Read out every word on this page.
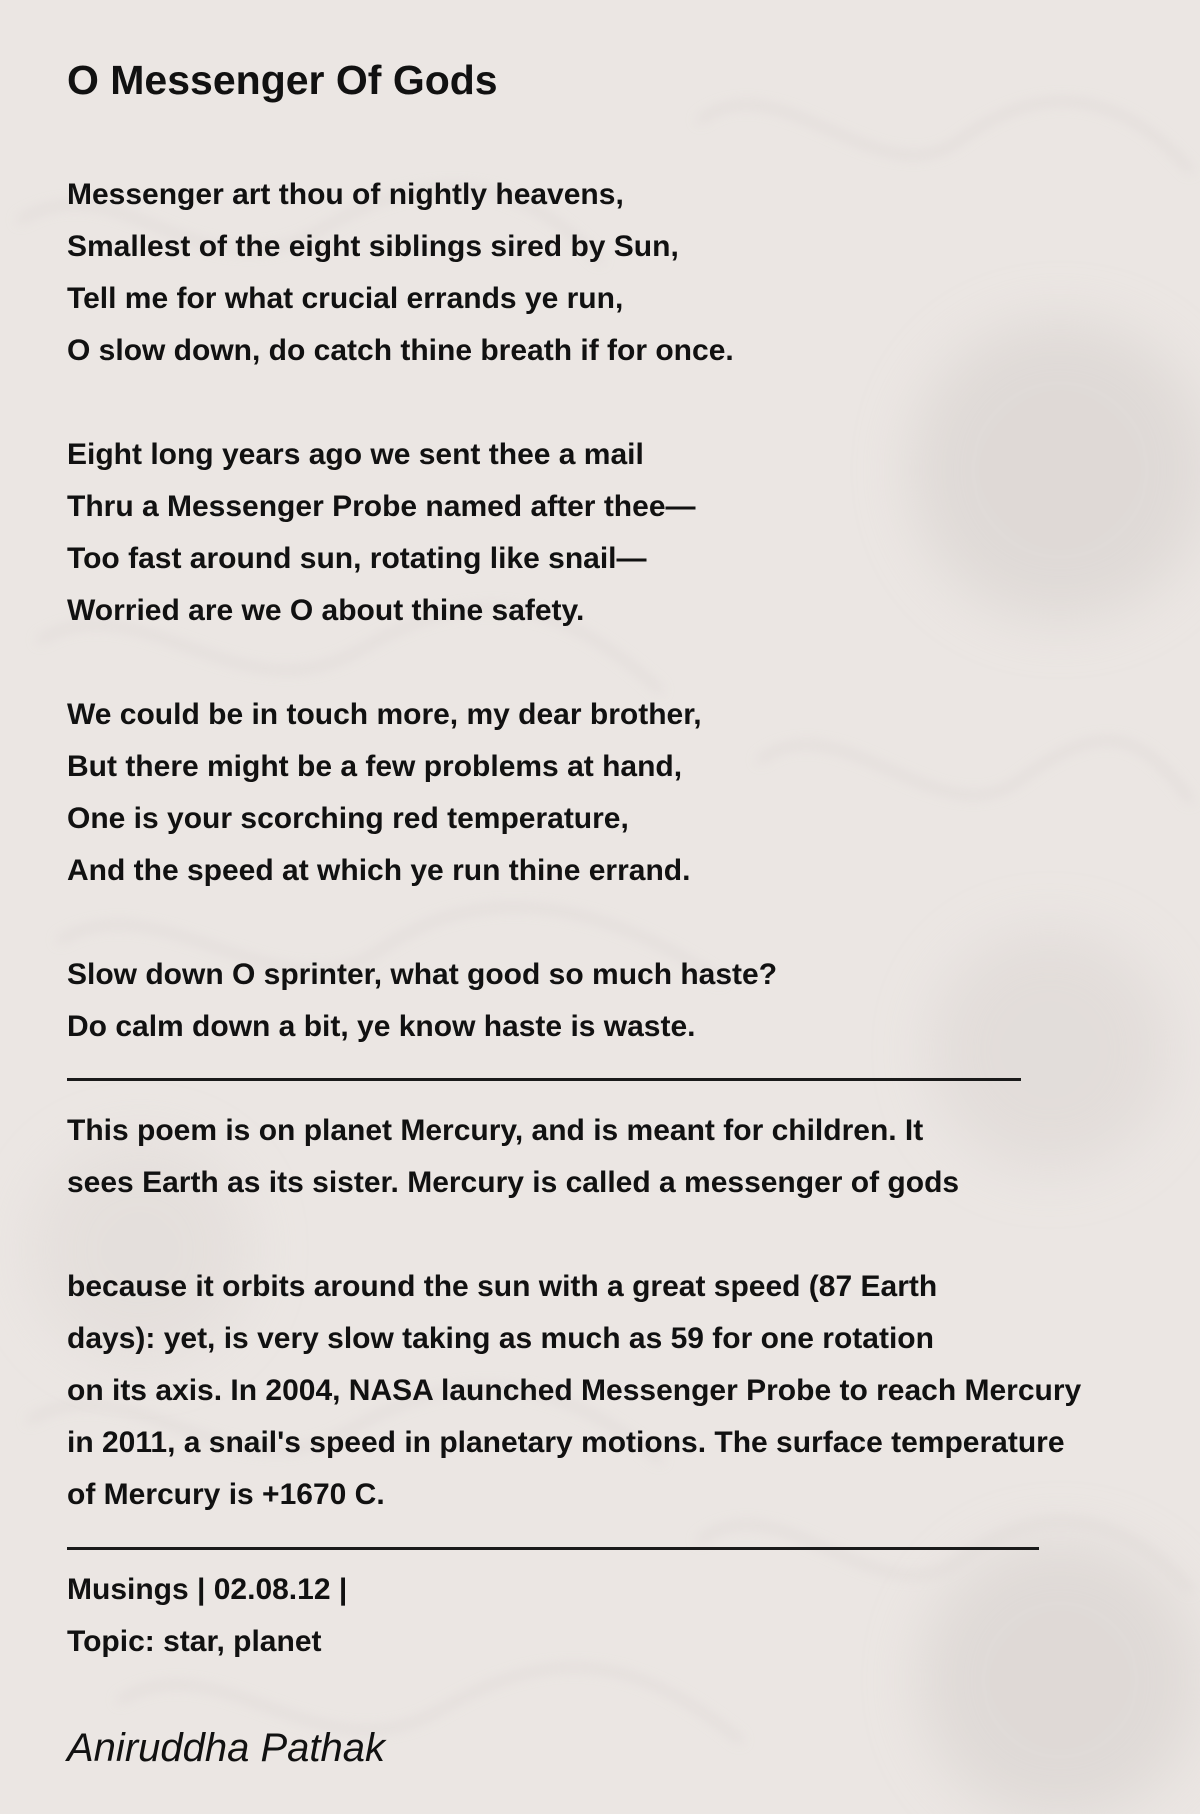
O Messenger Of Gods
Messenger art thou of nightly heavens,
Smallest of the eight siblings sired by Sun,
Tell me for what crucial errands ye run,
O slow down, do catch thine breath if for once.
Eight long years ago we sent thee a mail
Thru a Messenger Probe named after thee—
Too fast around sun, rotating like snail—
Worried are we O about thine safety.
We could be in touch more, my dear brother,
But there might be a few problems at hand,
One is your scorching red temperature,
And the speed at which ye run thine errand.
Slow down O sprinter, what good so much haste?
Do calm down a bit, ye know haste is waste.
This poem is on planet Mercury, and is meant for children. It
sees Earth as its sister. Mercury is called a messenger of gods
because it orbits around the sun with a great speed (87 Earth
days): yet, is very slow taking as much as 59 for one rotation
on its axis. In 2004, NASA launched Messenger Probe to reach Mercury
in 2011, a snail's speed in planetary motions. The surface temperature
of Mercury is +1670 C.
Musings | 02.08.12 |
Topic: star, planet
Aniruddha Pathak
